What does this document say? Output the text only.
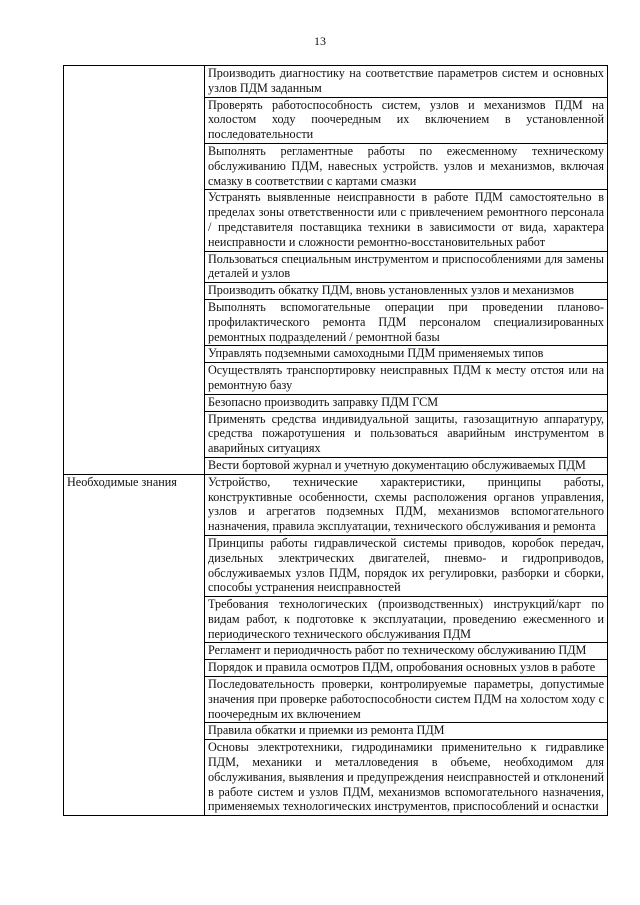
13
	Производить диагностику на соответствие параметров систем и основных узлов ПДМ заданным
	Проверять работоспособность систем, узлов и механизмов ПДМ на холостом ходу поочередным их включением в установленной последовательности
	Выполнять регламентные работы по ежесменному техническому обслуживанию ПДМ, навесных устройств. узлов и механизмов, включая смазку в соответствии с картами смазки
	Устранять выявленные неисправности в работе ПДМ самостоятельно в пределах зоны ответственности или с привлечением ремонтного персонала / представителя поставщика техники в зависимости от вида, характера неисправности и сложности ремонтно-восстановительных работ
	Пользоваться специальным инструментом и приспособлениями для замены деталей и узлов
	Производить обкатку ПДМ, вновь установленных узлов и механизмов
	Выполнять вспомогательные операции при проведении планово-профилактического ремонта ПДМ персоналом специализированных ремонтных подразделений / ремонтной базы
	Управлять подземными самоходными ПДМ применяемых типов
	Осуществлять транспортировку неисправных ПДМ к месту отстоя или на ремонтную базу
	Безопасно производить заправку ПДМ ГСМ
	Применять средства индивидуальной защиты, газозащитную аппаратуру, средства пожаротушения и пользоваться аварийным инструментом в аварийных ситуациях
	Вести бортовой журнал и учетную документацию обслуживаемых ПДМ
Необходимые знания	Устройство, технические характеристики, принципы работы, конструктивные особенности, схемы расположения органов управления, узлов и агрегатов подземных ПДМ, механизмов вспомогательного назначения, правила эксплуатации, технического обслуживания и ремонта
	Принципы работы гидравлической системы приводов, коробок передач, дизельных электрических двигателей, пневмо- и гидроприводов, обслуживаемых узлов ПДМ, порядок их регулировки, разборки и сборки, способы устранения неисправностей
	Требования технологических (производственных) инструкций/карт по видам работ, к подготовке к эксплуатации, проведению ежесменного и периодического технического обслуживания ПДМ
	Регламент и периодичность работ по техническому обслуживанию ПДМ
	Порядок и правила осмотров ПДМ, опробования основных узлов в работе
	Последовательность проверки, контролируемые параметры, допустимые значения при проверке работоспособности систем ПДМ на холостом ходу с поочередным их включением
	Правила обкатки и приемки из ремонта ПДМ
	Основы электротехники, гидродинамики применительно к гидравлике ПДМ, механики и металловедения в объеме, необходимом для обслуживания, выявления и предупреждения неисправностей и отклонений в работе систем и узлов ПДМ, механизмов вспомогательного назначения, применяемых технологических инструментов, приспособлений и оснастки
